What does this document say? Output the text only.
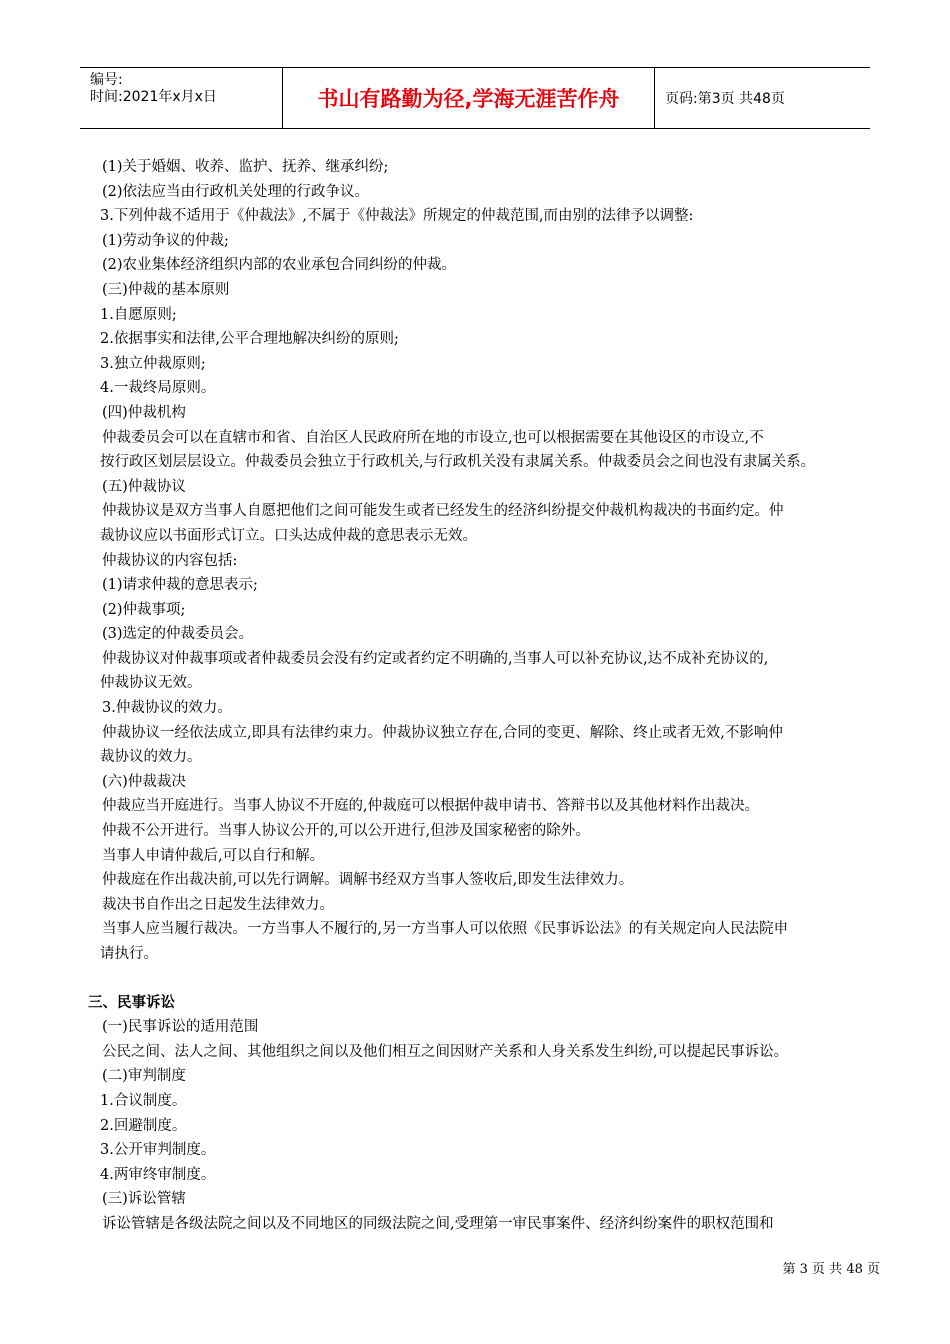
编号:
时间:2021年x月x日	书山有路勤为径,学海无涯苦作舟	页码:第3页 共48页
(1)关于婚姻、收养、监护、抚养、继承纠纷;
(2)依法应当由行政机关处理的行政争议。
3.下列仲裁不适用于《仲裁法》,不属于《仲裁法》所规定的仲裁范围,而由别的法律予以调整:
(1)劳动争议的仲裁;
(2)农业集体经济组织内部的农业承包合同纠纷的仲裁。
(三)仲裁的基本原则
1.自愿原则;
2.依据事实和法律,公平合理地解决纠纷的原则;
3.独立仲裁原则;
4.一裁终局原则。
(四)仲裁机构
仲裁委员会可以在直辖市和省、自治区人民政府所在地的市设立,也可以根据需要在其他设区的市设立,不
按行政区划层层设立。仲裁委员会独立于行政机关,与行政机关没有隶属关系。仲裁委员会之间也没有隶属关系。
(五)仲裁协议
仲裁协议是双方当事人自愿把他们之间可能发生或者已经发生的经济纠纷提交仲裁机构裁决的书面约定。仲
裁协议应以书面形式订立。口头达成仲裁的意思表示无效。
仲裁协议的内容包括:
(1)请求仲裁的意思表示;
(2)仲裁事项;
(3)选定的仲裁委员会。
仲裁协议对仲裁事项或者仲裁委员会没有约定或者约定不明确的,当事人可以补充协议,达不成补充协议的,
仲裁协议无效。
3.仲裁协议的效力。
仲裁协议一经依法成立,即具有法律约束力。仲裁协议独立存在,合同的变更、解除、终止或者无效,不影响仲
裁协议的效力。
(六)仲裁裁决
仲裁应当开庭进行。当事人协议不开庭的,仲裁庭可以根据仲裁申请书、答辩书以及其他材料作出裁决。
仲裁不公开进行。当事人协议公开的,可以公开进行,但涉及国家秘密的除外。
当事人申请仲裁后,可以自行和解。
仲裁庭在作出裁决前,可以先行调解。调解书经双方当事人签收后,即发生法律效力。
裁决书自作出之日起发生法律效力。
当事人应当履行裁决。一方当事人不履行的,另一方当事人可以依照《民事诉讼法》的有关规定向人民法院申
请执行。
三、民事诉讼
(一)民事诉讼的适用范围
公民之间、法人之间、其他组织之间以及他们相互之间因财产关系和人身关系发生纠纷,可以提起民事诉讼。
(二)审判制度
1.合议制度。
2.回避制度。
3.公开审判制度。
4.两审终审制度。
(三)诉讼管辖
诉讼管辖是各级法院之间以及不同地区的同级法院之间,受理第一审民事案件、经济纠纷案件的职权范围和
第 3 页 共 48 页
